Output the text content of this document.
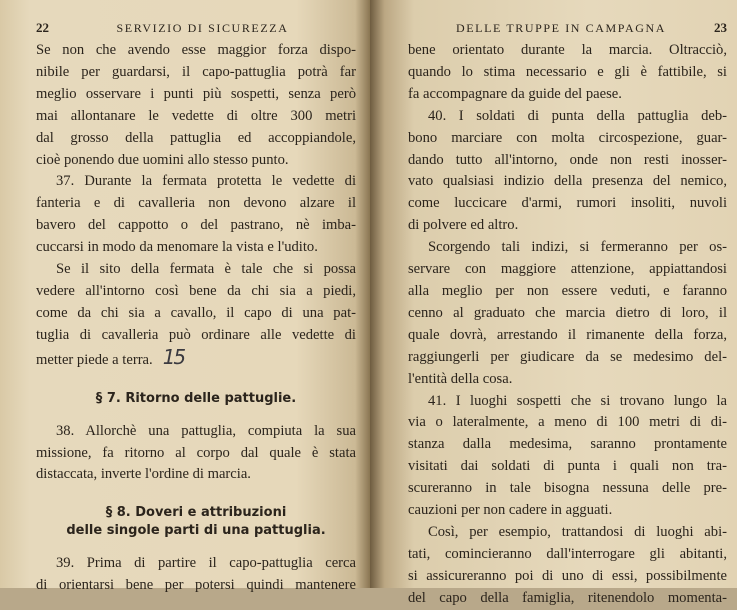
22	SERVIZIO DI SICUREZZA
Se non che avendo esse maggior forza dispo-
nibile per guardarsi, il capo-pattuglia potrà far
meglio osservare i punti più sospetti, senza però
mai allontanare le vedette di oltre 300 metri
dal grosso della pattuglia ed accoppiandole,
cioè ponendo due uomini allo stesso punto.
37. Durante la fermata protetta le vedette di
fanteria e di cavalleria non devono alzare il
bavero del cappotto o del pastrano, nè imba-
cuccarsi in modo da menomare la vista e l'udito.
Se il sito della fermata è tale che si possa
vedere all'intorno così bene da chi sia a piedi,
come da chi sia a cavallo, il capo di una pat-
tuglia di cavalleria può ordinare alle vedette di
metter piede a terra. 15
§ 7. Ritorno delle pattuglie.
38. Allorchè una pattuglia, compiuta la sua
missione, fa ritorno al corpo dal quale è stata
distaccata, inverte l'ordine di marcia.
§ 8. Doveri e attribuzioni
delle singole parti di una pattuglia.
39. Prima di partire il capo-pattuglia cerca
di orientarsi bene per potersi quindi mantenere
DELLE TRUPPE IN CAMPAGNA	23
bene orientato durante la marcia. Oltracciò,
quando lo stima necessario e gli è fattibile, si
fa accompagnare da guide del paese.
40. I soldati di punta della pattuglia deb-
bono marciare con molta circospezione, guar-
dando tutto all'intorno, onde non resti inosser-
vato qualsiasi indizio della presenza del nemico,
come luccicare d'armi, rumori insoliti, nuvoli
di polvere ed altro.
Scorgendo tali indizi, si fermeranno per os-
servare con maggiore attenzione, appiattandosi
alla meglio per non essere veduti, e faranno
cenno al graduato che marcia dietro di loro, il
quale dovrà, arrestando il rimanente della forza,
raggiungerli per giudicare da se medesimo del-
l'entità della cosa.
41. I luoghi sospetti che si trovano lungo la
via o lateralmente, a meno di 100 metri di di-
stanza dalla medesima, saranno prontamente
visitati dai soldati di punta i quali non tra-
scureranno in tale bisogna nessuna delle pre-
cauzioni per non cadere in agguati.
Così, per esempio, trattandosi di luoghi abi-
tati, comincieranno dall'interrogare gli abitanti,
si assicureranno poi di uno di essi, possibilmente
del capo della famiglia, ritenendolo momenta-
